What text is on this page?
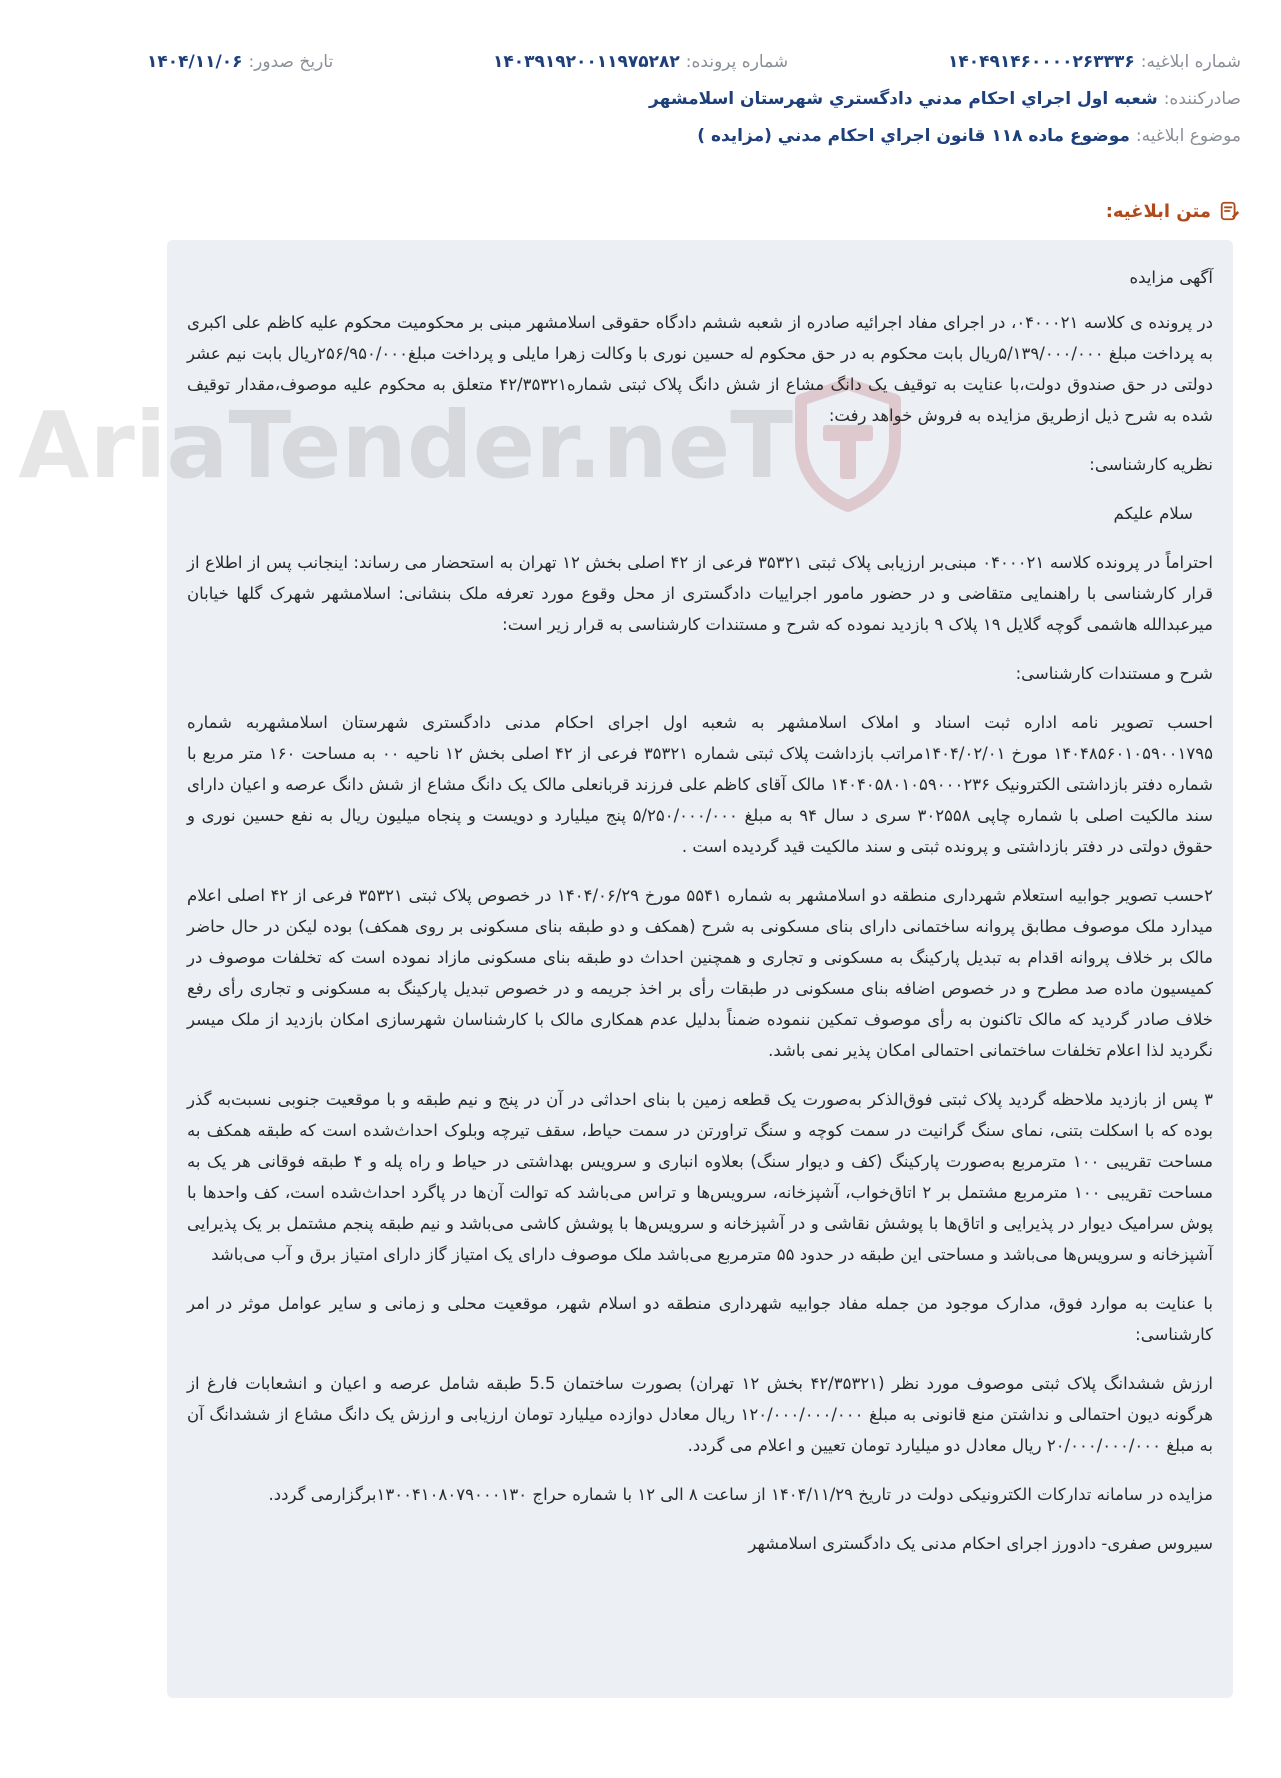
شماره ابلاغیه:۱۴۰۴۹۱۴۶۰۰۰۰۲۶۳۳۳۶
شماره پرونده:۱۴۰۳۹۱۹۲۰۰۱۱۹۷۵۲۸۲
تاریخ صدور:۱۴۰۴/۱۱/۰۶
صادرکننده:شعبه اول اجراي احکام مدني دادگستري شهرستان اسلامشهر
موضوع ابلاغیه:موضوع ماده ۱۱۸ قانون اجراي احکام مدني (مزايده )
متن ابلاغیه:
AriaTender.neT

آگهی مزایده

در پرونده ی کلاسه ۰۴۰۰۰۲۱، در اجرای مفاد اجرائیه صادره از شعبه ششم دادگاه حقوقی اسلامشهر مبنی بر محکومیت محکوم علیه کاظم علی اکبری به پرداخت مبلغ ۵/۱۳۹/۰۰۰/۰۰۰ریال بابت محکوم به در حق محکوم له حسین نوری با وکالت زهرا مایلی و پرداخت مبلغ۲۵۶/۹۵۰/۰۰۰ریال بابت نیم عشر دولتی در حق صندوق دولت،با عنایت به توقیف یک دانگ مشاع از شش دانگ پلاک ثبتی شماره۴۲/۳۵۳۲۱ متعلق به محکوم علیه موصوف،مقدار توقیف شده به شرح ذیل ازطریق مزایده به فروش خواهد رفت:

نظریه کارشناسی:

سلام علیکم

احتراماً در پرونده کلاسه ۰۴۰۰۰۲۱ مبنی‌بر ارزیابی پلاک ثبتی ۳۵۳۲۱ فرعی از ۴۲ اصلی بخش ۱۲ تهران به استحضار می رساند: اینجانب پس از اطلاع از قرار کارشناسی با راهنمایی متقاضی و در حضور مامور اجراییات دادگستری از محل وقوع مورد تعرفه ملک بنشانی: اسلامشهر شهرک گلها خیابان میرعبدالله هاشمی گوچه گلایل ۱۹ پلاک ۹ بازدید نموده که شرح و مستندات کارشناسی به قرار زیر است:

شرح و مستندات کارشناسی:

احسب تصویر نامه اداره ثبت اسناد و املاک اسلامشهر به شعبه اول اجرای احکام مدنی دادگستری شهرستان اسلامشهربه شماره ۱۴۰۴۸۵۶۰۱۰۵۹۰۰۱۷۹۵ مورخ ۱۴۰۴/۰۲/۰۱مراتب بازداشت پلاک ثبتی شماره ۳۵۳۲۱ فرعی از ۴۲ اصلی بخش ۱۲ ناحیه ۰۰ به مساحت ۱۶۰ متر مربع با شماره دفتر بازداشتی الکترونیک ۱۴۰۴۰۵۸۰۱۰۵۹۰۰۰۲۳۶ مالک آقای کاظم علی فرزند قربانعلی مالک یک دانگ مشاع از شش دانگ عرصه و اعیان دارای سند مالکیت اصلی با شماره چاپی ۳۰۲۵۵۸ سری د سال ۹۴ به مبلغ ۵/۲۵۰/۰۰۰/۰۰۰ پنج میلیارد و دویست و پنجاه میلیون ریال به نفع حسین نوری و حقوق دولتی در دفتر بازداشتی و پرونده ثبتی و سند مالکیت قید گردیده است .

۲حسب تصویر جوابیه استعلام شهرداری منطقه دو اسلامشهر به شماره ۵۵۴۱ مورخ ۱۴۰۴/۰۶/۲۹ در خصوص پلاک ثبتی ۳۵۳۲۱ فرعی از ۴۲ اصلی اعلام میدارد ملک موصوف مطابق پروانه ساختمانی دارای بنای مسکونی به شرح (همکف و دو طبقه بنای مسکونی بر روی همکف) بوده لیکن در حال حاضر مالک بر خلاف پروانه اقدام به تبدیل پارکینگ به مسکونی و تجاری و همچنین احداث دو طبقه بنای مسکونی مازاد نموده است که تخلفات موصوف در کمیسیون ماده صد مطرح و در خصوص اضافه بنای مسکونی در طبقات رأی بر اخذ جریمه و در خصوص تبدیل پارکینگ به مسکونی و تجاری رأی رفع خلاف صادر گردید که مالک تاکنون به رأی موصوف تمکین ننموده ضمناً بدلیل عدم همکاری مالک با کارشناسان شهرسازی امکان بازدید از ملک میسر نگردید لذا اعلام تخلفات ساختمانی احتمالی امکان پذیر نمی باشد.

۳ پس از بازدید ملاحظه گردید پلاک ثبتی فوق‌الذکر به‌صورت یک قطعه زمین با بنای احداثی در آن در پنج و نیم طبقه و با موقعیت جنوبی نسبت‌به گذر بوده که با اسکلت بتنی، نمای سنگ گرانیت در سمت کوچه و سنگ تراورتن در سمت حیاط، سقف تیرچه وبلوک احداث‌شده است که طبقه همکف به مساحت تقریبی ۱۰۰ مترمربع به‌صورت پارکینگ (کف و دیوار سنگ) بعلاوه انباری و سرویس بهداشتی در حیاط و راه پله و ۴ طبقه فوقانی هر یک به مساحت تقریبی ۱۰۰ مترمربع مشتمل بر ۲ اتاق‌خواب، آشپزخانه، سرویس‌ها و تراس می‌باشد که توالت آن‌ها در پاگرد احداث‌شده است، کف واحدها با پوش سرامیک دیوار در پذیرایی و اتاق‌ها با پوشش نقاشی و در آشپزخانه و سرویس‌ها با پوشش کاشی می‌باشد و نیم طبقه پنجم مشتمل بر یک پذیرایی آشپزخانه و سرویس‌ها می‌باشد و مساحتی این طبقه در حدود ۵۵ مترمربع می‌باشد ملک موصوف دارای یک امتیاز گاز دارای امتیاز برق و آب می‌باشد

با عنایت به موارد فوق، مدارک موجود من جمله مفاد جوابیه شهرداری منطقه دو اسلام شهر، موقعیت محلی و زمانی و سایر عوامل موثر در امر کارشناسی:

ارزش ششدانگ پلاک ثبتی موصوف مورد نظر (۴۲/۳۵۳۲۱ بخش ۱۲ تهران) بصورت ساختمان 5.5 طبقه شامل عرصه و اعیان و انشعابات فارغ از هرگونه دیون احتمالی و نداشتن منع قانونی به مبلغ ۱۲۰/۰۰۰/۰۰۰/۰۰۰ ریال معادل دوازده میلیارد تومان ارزیابی و ارزش یک دانگ مشاع از ششدانگ آن به مبلغ ۲۰/۰۰۰/۰۰۰/۰۰۰ ریال معادل دو میلیارد تومان تعیین و اعلام می گردد.

مزایده در سامانه تدارکات الکترونیکی دولت در تاریخ ۱۴۰۴/۱۱/۲۹ از ساعت ۸ الی ۱۲ با شماره حراج ۱۳۰۰۴۱۰۸۰۷۹۰۰۰۱۳۰برگزارمی گردد.

سیروس صفری- دادورز اجرای احکام مدنی یک دادگستری اسلامشهر
